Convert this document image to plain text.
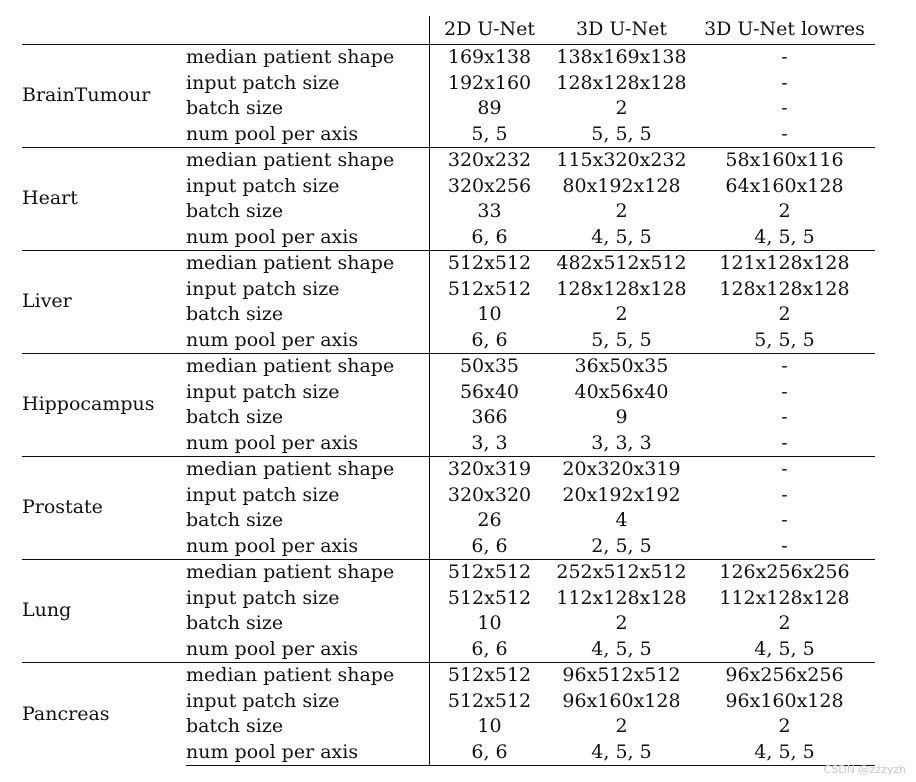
		2D U-Net	3D U-Net	3D U-Net lowres
BrainTumour	median patient shape	169x138	138x169x138	-
	input patch size	192x160	128x128x128	-
	batch size	89	2	-
	num pool per axis	5, 5	5, 5, 5	-
Heart	median patient shape	320x232	115x320x232	58x160x116
	input patch size	320x256	80x192x128	64x160x128
	batch size	33	2	2
	num pool per axis	6, 6	4, 5, 5	4, 5, 5
Liver	median patient shape	512x512	482x512x512	121x128x128
	input patch size	512x512	128x128x128	128x128x128
	batch size	10	2	2
	num pool per axis	6, 6	5, 5, 5	5, 5, 5
Hippocampus	median patient shape	50x35	36x50x35	-
	input patch size	56x40	40x56x40	-
	batch size	366	9	-
	num pool per axis	3, 3	3, 3, 3	-
Prostate	median patient shape	320x319	20x320x319	-
	input patch size	320x320	20x192x192	-
	batch size	26	4	-
	num pool per axis	6, 6	2, 5, 5	-
Lung	median patient shape	512x512	252x512x512	126x256x256
	input patch size	512x512	112x128x128	112x128x128
	batch size	10	2	2
	num pool per axis	6, 6	4, 5, 5	4, 5, 5
Pancreas	median patient shape	512x512	96x512x512	96x256x256
	input patch size	512x512	96x160x128	96x160x128
	batch size	10	2	2
	num pool per axis	6, 6	4, 5, 5	4, 5, 5
CSDN @zzzyzh
